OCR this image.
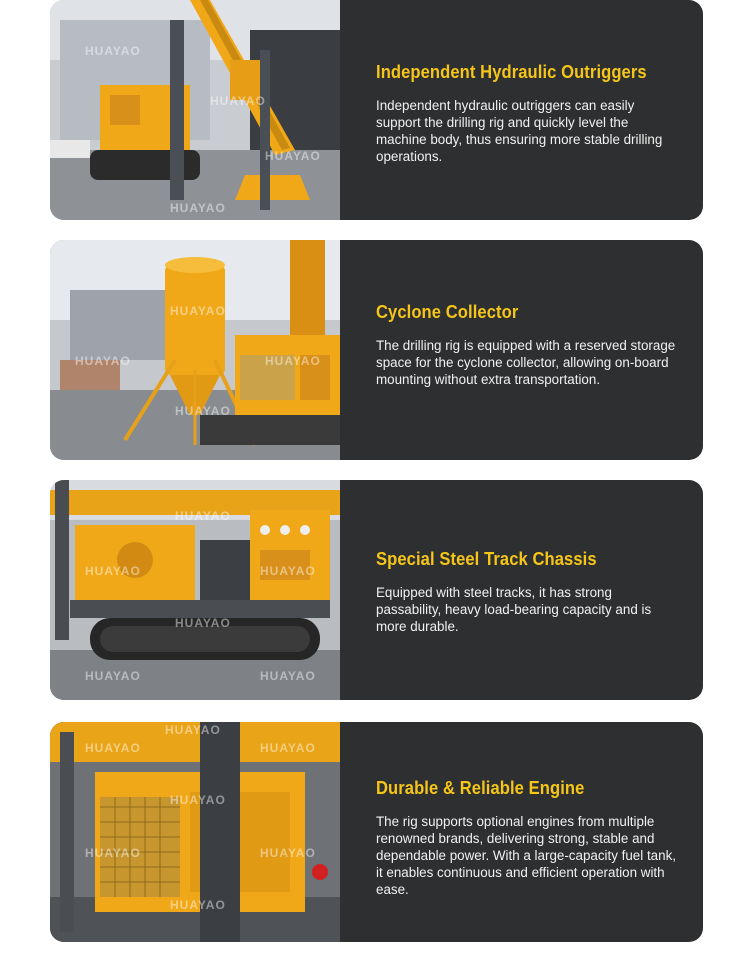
HUAYAO
HUAYAO
HUAYAO
HUAYAO
Independent Hydraulic Outriggers

Independent hydraulic outriggers can easily support the drilling rig and quickly level the machine body, thus ensuring more stable drilling operations.

HUAYAO
HUAYAO	HUAYAO
HUAYAO
Cyclone Collector

The drilling rig is equipped with a reserved storage space for the cyclone collector, allowing on-board mounting without extra transportation.

HUAYAO
HUAYAO	HUAYAO
HUAYAO
HUAYAO	HUAYAO
Special Steel Track Chassis

Equipped with steel tracks, it has strong passability, heavy load-bearing capacity and is more durable.

HUAYAO
HUAYAO	HUAYAO
HUAYAO
HUAYAO	HUAYAO
HUAYAO
Durable & Reliable Engine

The rig supports optional engines from multiple renowned brands, delivering strong, stable and dependable power. With a large-capacity fuel tank, it enables continuous and efficient operation with ease.
